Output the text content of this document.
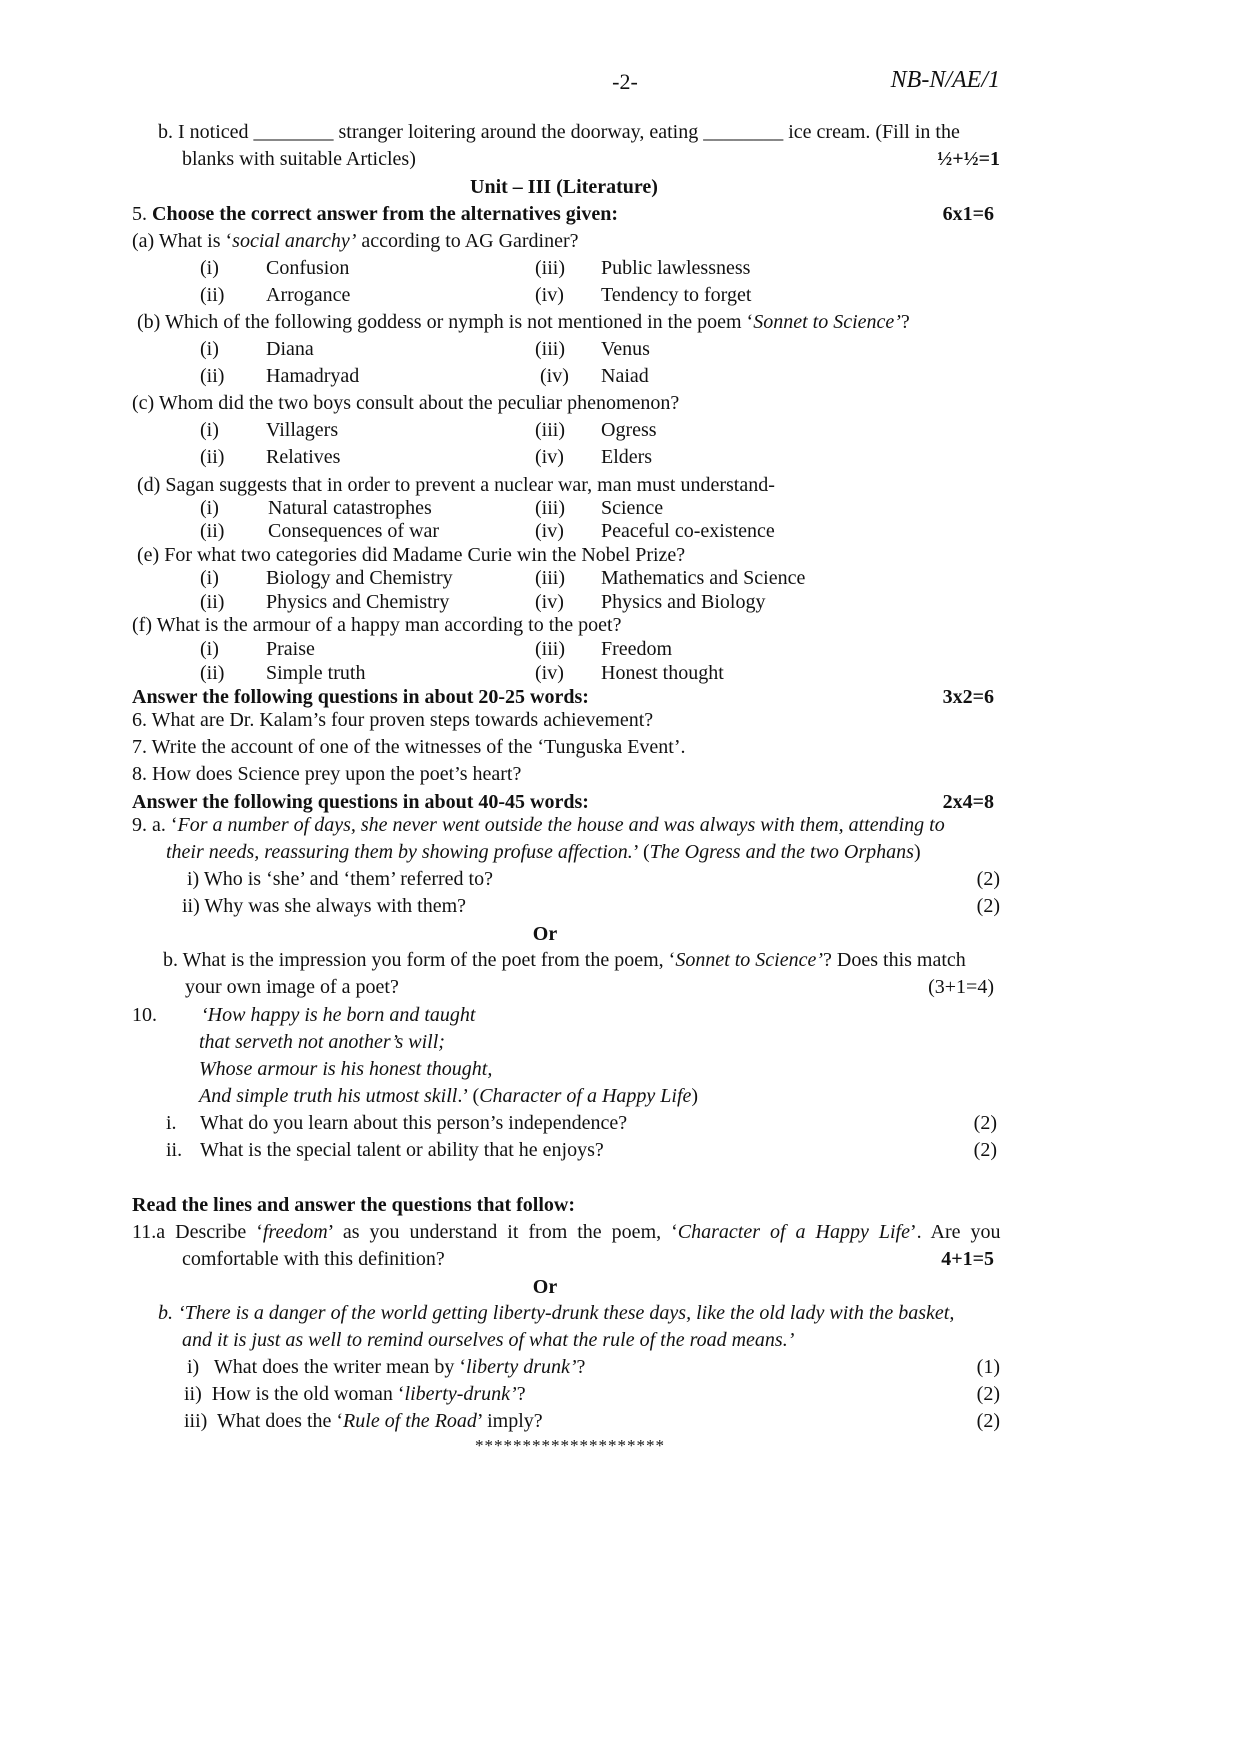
-2-	NB-N/AE/1
b. I noticed ________ stranger loitering around the doorway, eating ________ ice cream. (Fill in the
blanks with suitable Articles)	½+½=1
Unit – III (Literature)
5. Choose the correct answer from the alternatives given:	6x1=6
(a) What is ‘social anarchy’ according to AG Gardiner?
(i) Confusion	(iii) Public lawlessness
(ii) Arrogance	(iv) Tendency to forget
(b) Which of the following goddess or nymph is not mentioned in the poem ‘Sonnet to Science’?
(i) Diana	(iii) Venus
(ii) Hamadryad	(iv) Naiad
(c) Whom did the two boys consult about the peculiar phenomenon?
(i) Villagers	(iii) Ogress
(ii) Relatives	(iv) Elders
(d) Sagan suggests that in order to prevent a nuclear war, man must understand-
(i) Natural catastrophes	(iii) Science
(ii) Consequences of war	(iv) Peaceful co-existence
(e) For what two categories did Madame Curie win the Nobel Prize?
(i) Biology and Chemistry	(iii) Mathematics and Science
(ii) Physics and Chemistry	(iv) Physics and Biology
(f) What is the armour of a happy man according to the poet?
(i) Praise	(iii) Freedom
(ii) Simple truth	(iv) Honest thought
Answer the following questions in about 20-25 words:	3x2=6
6. What are Dr. Kalam’s four proven steps towards achievement?
7. Write the account of one of the witnesses of the ‘Tunguska Event’.
8. How does Science prey upon the poet’s heart?
Answer the following questions in about 40-45 words:	2x4=8
9. a. ‘For a number of days, she never went outside the house and was always with them, attending to
their needs, reassuring them by showing profuse affection.’ (The Ogress and the two Orphans)
i) Who is ‘she’ and ‘them’ referred to?	(2)
ii) Why was she always with them?	(2)
Or
b. What is the impression you form of the poet from the poem, ‘Sonnet to Science’? Does this match
your own image of a poet?	(3+1=4)
10. ‘How happy is he born and taught
that serveth not another’s will;
Whose armour is his honest thought,
And simple truth his utmost skill.’ (Character of a Happy Life)
i. What do you learn about this person’s independence?	(2)
ii. What is the special talent or ability that he enjoys?	(2)
Read the lines and answer the questions that follow:
11.a  Describe  ‘freedom’  as  you  understand  it  from  the  poem,  ‘Character  of  a  Happy  Life’.  Are  you
comfortable with this definition?	4+1=5
Or
b. ‘There is a danger of the world getting liberty-drunk these days, like the old lady with the basket,
and it is just as well to remind ourselves of what the rule of the road means.’
i)   What does the writer mean by ‘liberty drunk’?	(1)
ii)  How is the old woman ‘liberty-drunk’?	(2)
iii)  What does the ‘Rule of the Road’ imply?	(2)
********************
